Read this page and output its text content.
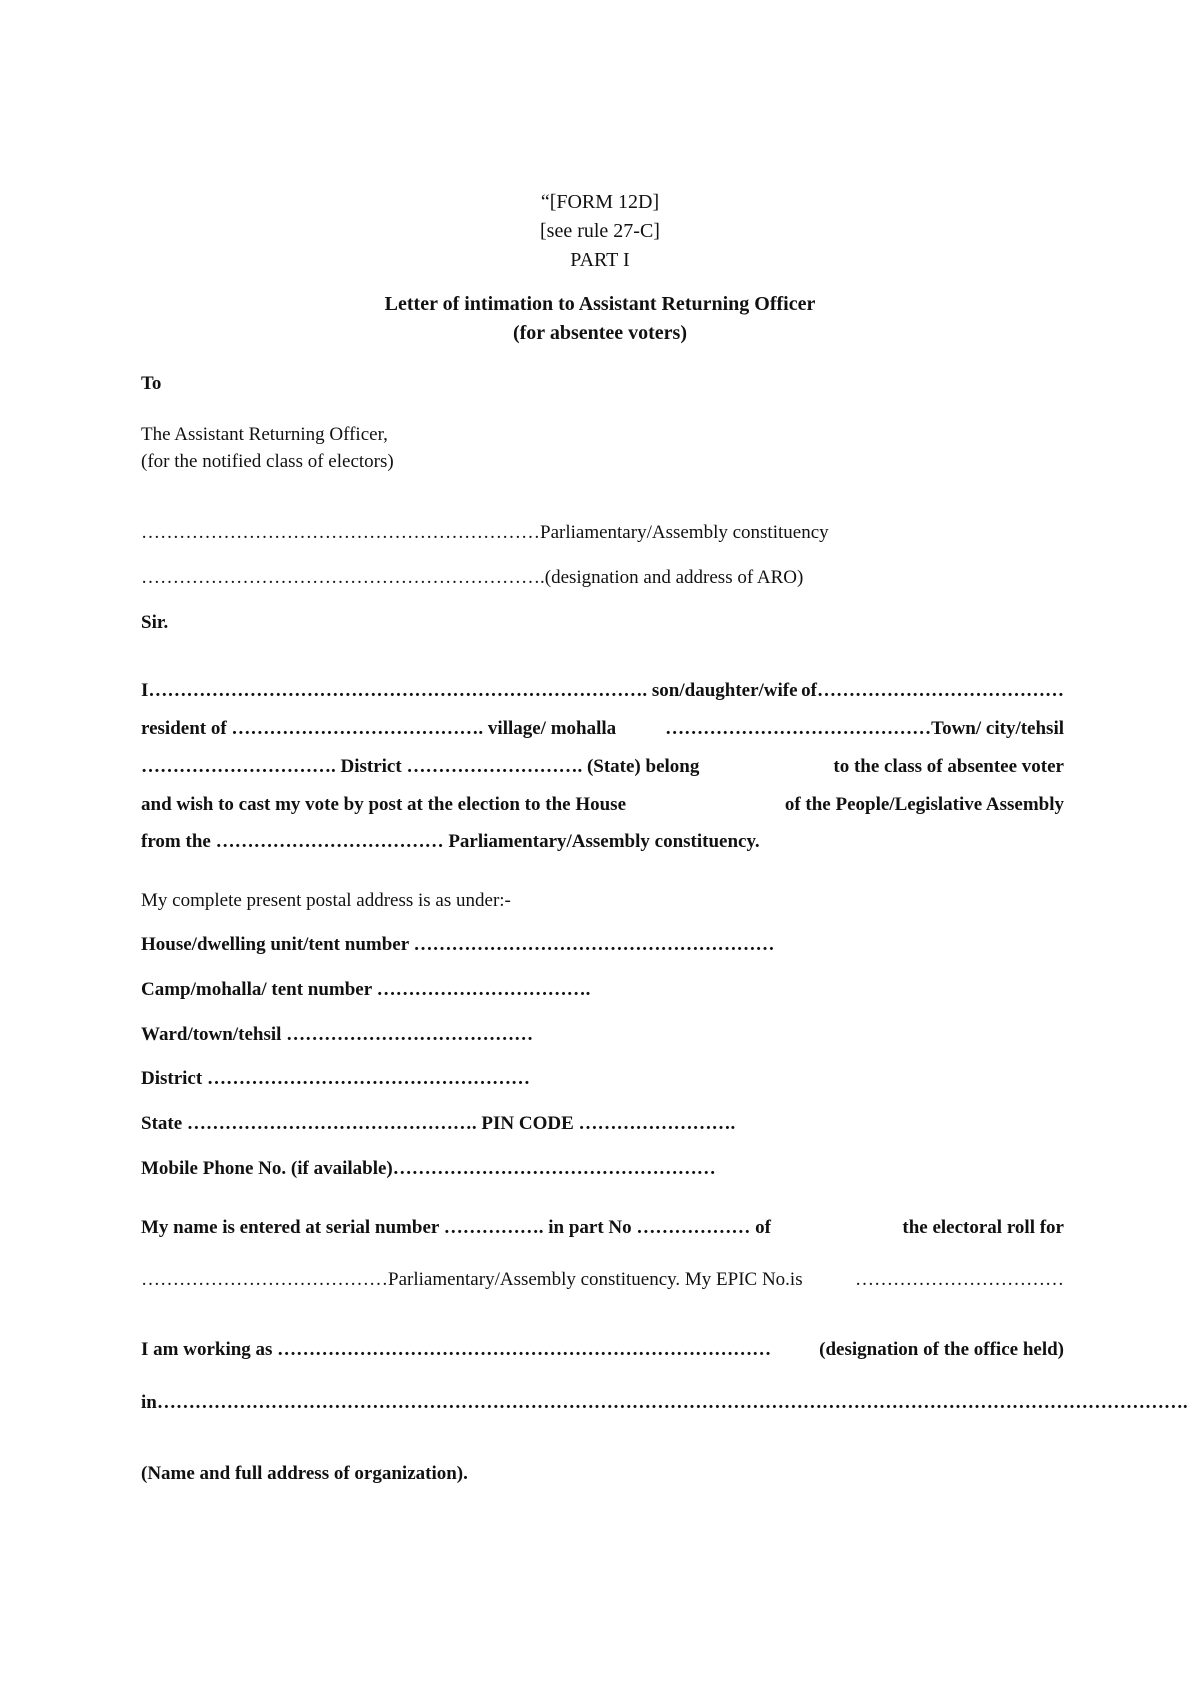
“[FORM 12D]
[see rule 27-C]
PART I
Letter of intimation to Assistant Returning Officer
(for absentee voters)
To
The Assistant Returning Officer,
(for the notified class of electors)
………………………………………………………Parliamentary/Assembly constituency
……………………………………………………….(designation and address of ARO)
Sir.
I……………………………………………………………………. son/daughter/wife of…………………………………
resident of …………………………………. village/ mohalla	……………………………………Town/ city/tehsil
…………………………. District ………………………. (State) belong	to the class of absentee voter
and wish to cast my vote by post at the election to the House	of the People/Legislative Assembly
from the ……………………………… Parliamentary/Assembly constituency.
My complete present postal address is as under:-
House/dwelling unit/tent number …………………………………………………
Camp/mohalla/ tent number …………………………….
Ward/town/tehsil …………………………………
District ……………………………………………
State ………………………………………. PIN CODE …………………….
Mobile Phone No. (if available)……………………………………………
My name is entered at serial number ……………. in part No ……………… of	the electoral roll for
…………………………………Parliamentary/Assembly constituency. My EPIC No.is	……………………………
I am working as ……………………………………………………………………	(designation of the office held)
in……………………………………………………………………………………………………………………………………………….
(Name and full address of organization).
